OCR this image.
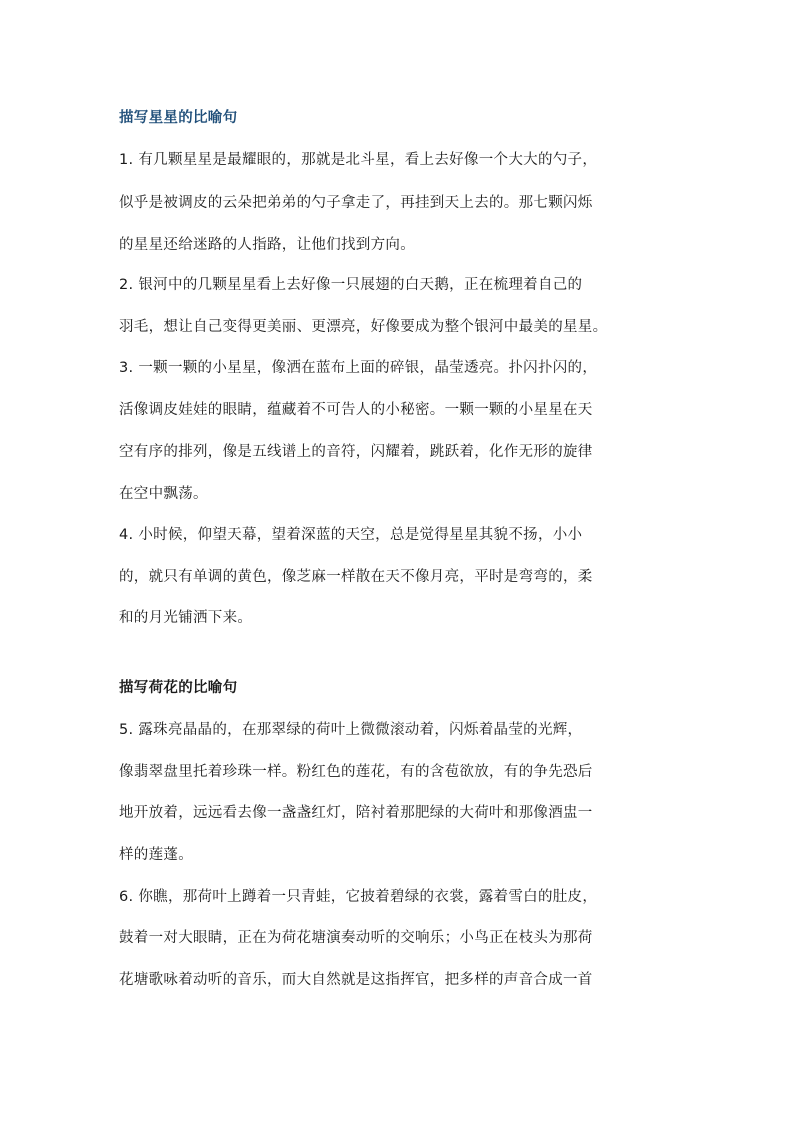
描写星星的比喻句
1. 有几颗星星是最耀眼的，那就是北斗星，看上去好像一个大大的勺子，
似乎是被调皮的云朵把弟弟的勺子拿走了，再挂到天上去的。那七颗闪烁
的星星还给迷路的人指路，让他们找到方向。
2. 银河中的几颗星星看上去好像一只展翅的白天鹅，正在梳理着自己的
羽毛，想让自己变得更美丽、更漂亮，好像要成为整个银河中最美的星星。
3. 一颗一颗的小星星，像洒在蓝布上面的碎银，晶莹透亮。扑闪扑闪的，
活像调皮娃娃的眼睛，蕴藏着不可告人的小秘密。一颗一颗的小星星在天
空有序的排列，像是五线谱上的音符，闪耀着，跳跃着，化作无形的旋律
在空中飘荡。
4. 小时候，仰望天幕，望着深蓝的天空，总是觉得星星其貌不扬，小小
的，就只有单调的黄色，像芝麻一样散在天不像月亮，平时是弯弯的，柔
和的月光铺洒下来。
描写荷花的比喻句
5. 露珠亮晶晶的，在那翠绿的荷叶上微微滚动着，闪烁着晶莹的光辉，
像翡翠盘里托着珍珠一样。粉红色的莲花，有的含苞欲放，有的争先恐后
地开放着，远远看去像一盏盏红灯，陪衬着那肥绿的大荷叶和那像酒盅一
样的莲蓬。
6. 你瞧，那荷叶上蹲着一只青蛙，它披着碧绿的衣裳，露着雪白的肚皮，
鼓着一对大眼睛，正在为荷花塘演奏动听的交响乐；小鸟正在枝头为那荷
花塘歌咏着动听的音乐，而大自然就是这指挥官，把多样的声音合成一首
